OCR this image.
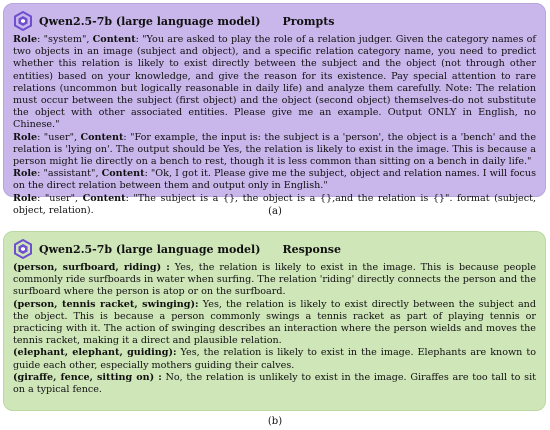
Qwen2.5-7b (large language model) Prompts

Role: "system", Content: "You are asked to play the role of a relation judger. Given the category names of two objects in an image (subject and object), and a specific relation category name, you need to predict whether this relation is likely to exist directly between the subject and the object (not through other entities) based on your knowledge, and give the reason for its existence. Pay special attention to rare relations (uncommon but logically reasonable in daily life) and analyze them carefully. Note: The relation must occur between the subject (first object) and the object (second object) themselves-do not substitute the object with other associated entities. Please give me an example. Output ONLY in English, no Chinese."

Role: "user", Content: "For example, the input is: the subject is a 'person', the object is a 'bench' and the relation is 'lying on'. The output should be Yes, the relation is likely to exist in the image. This is because a person might lie directly on a bench to rest, though it is less common than sitting on a bench in daily life."

Role: "assistant", Content: "Ok, I got it. Please give me the subject, object and relation names. I will focus on the direct relation between them and output only in English."

Role: "user", Content: "The subject is a {}, the object is a {},and the relation is {}". format (subject, object, relation).	(a)
Qwen2.5-7b (large language model) Response

(person, surfboard, riding) : Yes, the relation is likely to exist in the image. This is because people commonly ride surfboards in water when surfing. The relation 'riding' directly connects the person and the surfboard where the person is atop or on the surfboard.

(person, tennis racket, swinging): Yes, the relation is likely to exist directly between the subject and the object. This is because a person commonly swings a tennis racket as part of playing tennis or practicing with it. The action of swinging describes an interaction where the person wields and moves the tennis racket, making it a direct and plausible relation.

(elephant, elephant, guiding): Yes, the relation is likely to exist in the image. Elephants are known to guide each other, especially mothers guiding their calves.

(giraffe, fence, sitting on) : No, the relation is unlikely to exist in the image. Giraffes are too tall to sit on a typical fence.

(b)
